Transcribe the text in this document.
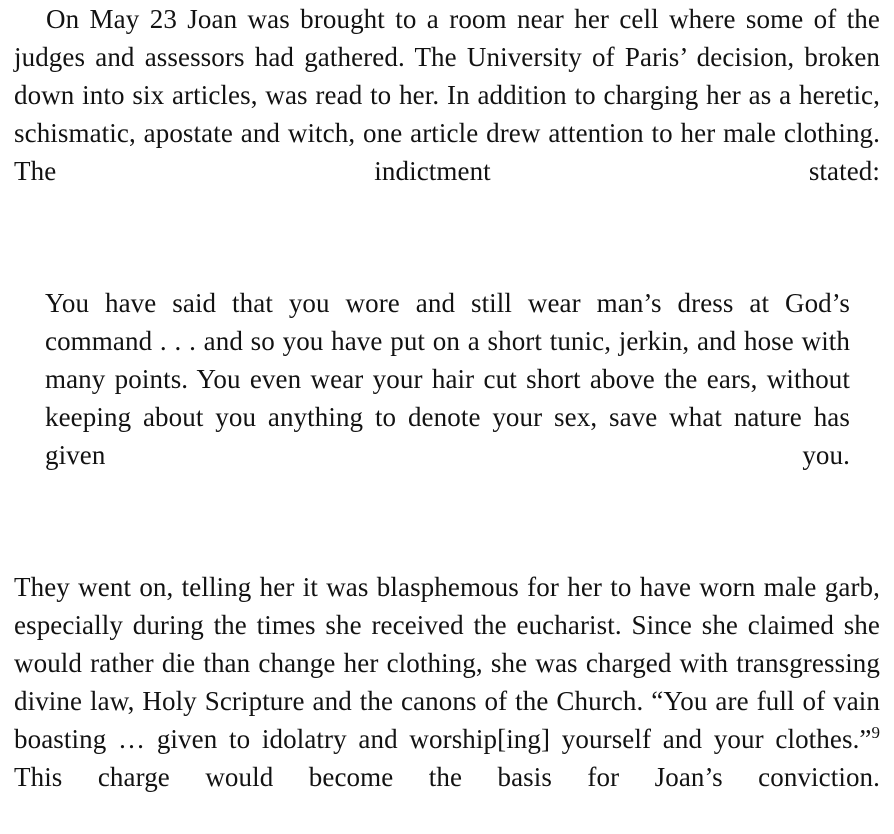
On May 23 Joan was brought to a room near her cell where some of the judges and assessors had gathered. The University of Paris’ decision, broken down into six articles, was read to her. In addition to charging her as a heretic, schismatic, apostate and witch, one article drew attention to her male clothing. The indictment stated:

You have said that you wore and still wear man’s dress at God’s command . . . and so you have put on a short tunic, jerkin, and hose with many points. You even wear your hair cut short above the ears, without keeping about you anything to denote your sex, save what nature has given you.

They went on, telling her it was blasphemous for her to have worn male garb, especially during the times she received the eucharist. Since she claimed she would rather die than change her clothing, she was charged with transgressing divine law, Holy Scripture and the canons of the Church. “You are full of vain boasting … given to idolatry and worship[ing] yourself and your clothes.”$^9$ This charge would become the basis for Joan’s conviction.
